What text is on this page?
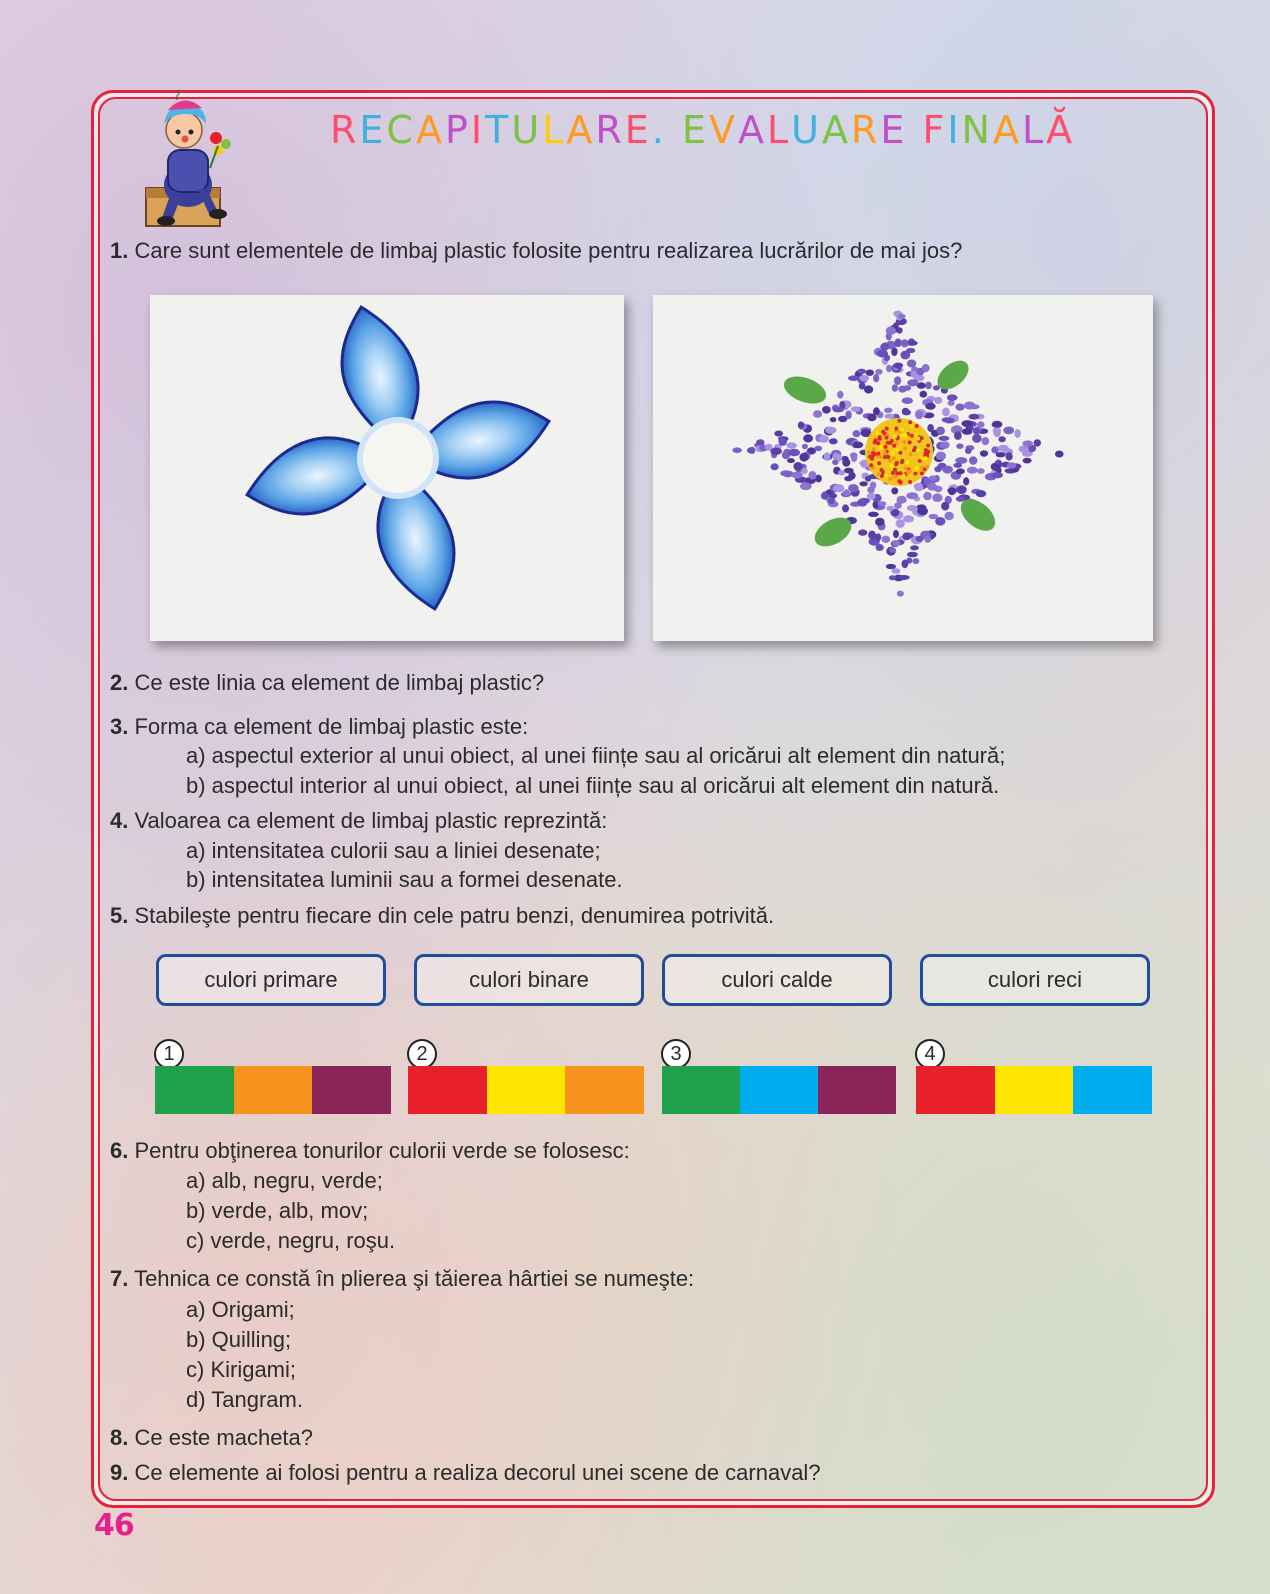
?
RECAPITULARE. EVALUARE FINALĂ
1. Care sunt elementele de limbaj plastic folosite pentru realizarea lucrărilor de mai jos?
2. Ce este linia ca element de limbaj plastic?
3. Forma ca element de limbaj plastic este:
a) aspectul exterior al unui obiect, al unei ființe sau al oricărui alt element din natură;
b) aspectul interior al unui obiect, al unei ființe sau al oricărui alt element din natură.
4. Valoarea ca element de limbaj plastic reprezintă:
a) intensitatea culorii sau a liniei desenate;
b) intensitatea luminii sau a formei desenate.
5. Stabileşte pentru fiecare din cele patru benzi, denumirea potrivită.
culori primare	culori binare	culori calde	culori reci
1	2	3	4
6. Pentru obţinerea tonurilor culorii verde se folosesc:
a) alb, negru, verde;
b) verde, alb, mov;
c) verde, negru, roşu.
7. Tehnica ce constă în plierea şi tăierea hârtiei se numeşte:
a) Origami;
b) Quilling;
c) Kirigami;
d) Tangram.
8. Ce este macheta?
9. Ce elemente ai folosi pentru a realiza decorul unei scene de carnaval?
46
